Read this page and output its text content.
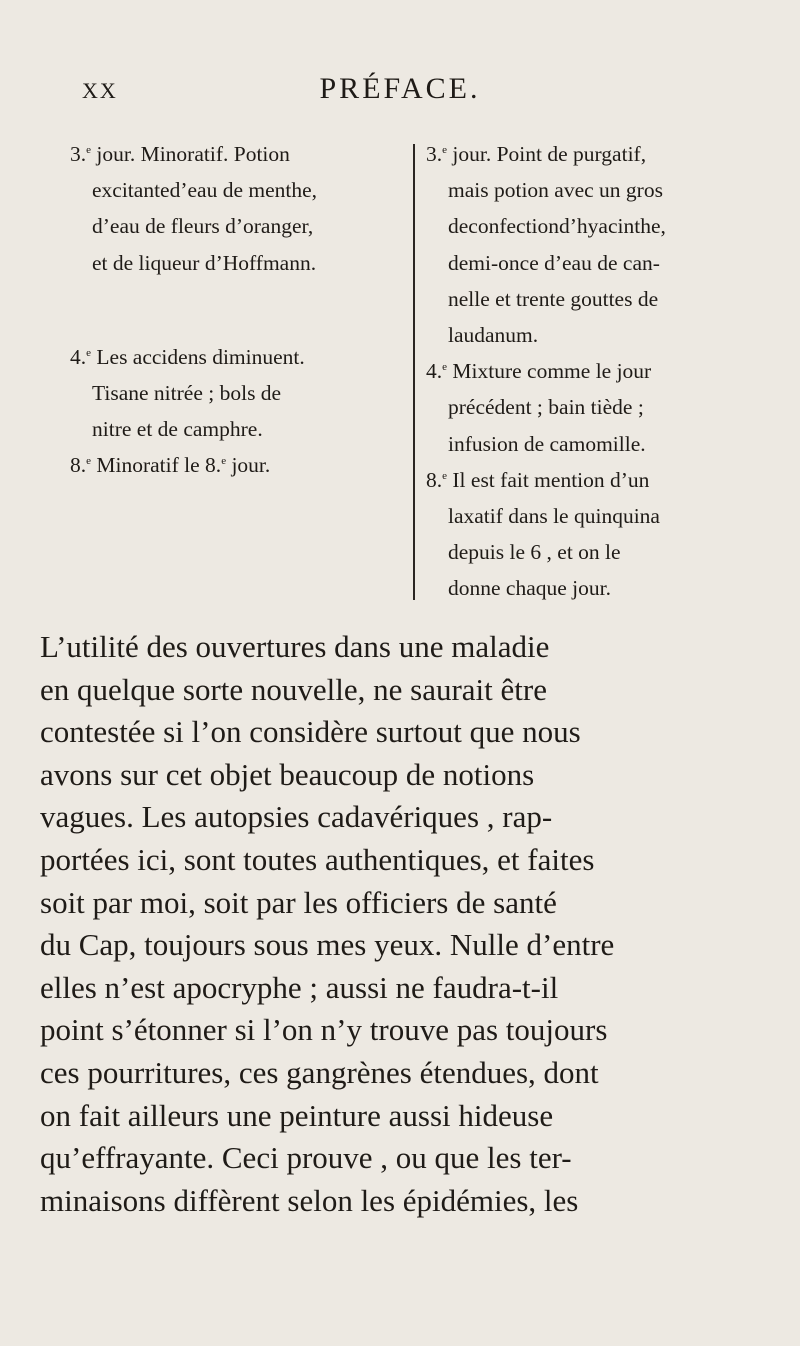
XX	PRÉFACE.
3.$^e$ jour. Minoratif. Potion
excitanted’eau de menthe,
d’eau de fleurs d’oranger,
et de liqueur d’Hoffmann.
4.$^e$ Les accidens diminuent.
Tisane nitrée ; bols de
nitre et de camphre.
8.$^e$ Minoratif le 8.$^e$ jour.
3.$^e$ jour. Point de purgatif,
mais potion avec un gros
deconfectiond’hyacinthe,
demi-once d’eau de can-
nelle et trente gouttes de
laudanum.
4.$^e$ Mixture comme le jour
précédent ; bain tiède ;
infusion de camomille.
8.$^e$ Il est fait mention d’un
laxatif dans le quinquina
depuis le 6 , et on le
donne chaque jour.
L’utilité des ouvertures dans une maladie
en quelque sorte nouvelle, ne saurait être
contestée si l’on considère surtout que nous
avons sur cet objet beaucoup de notions
vagues. Les autopsies cadavériques , rap-
portées ici, sont toutes authentiques, et faites
soit par moi, soit par les officiers de santé
du Cap, toujours sous mes yeux. Nulle d’entre
elles n’est apocryphe ; aussi ne faudra-t-il
point s’étonner si l’on n’y trouve pas toujours
ces pourritures, ces gangrènes étendues, dont
on fait ailleurs une peinture aussi hideuse
qu’effrayante. Ceci prouve , ou que les ter-
minaisons diffèrent selon les épidémies, les
